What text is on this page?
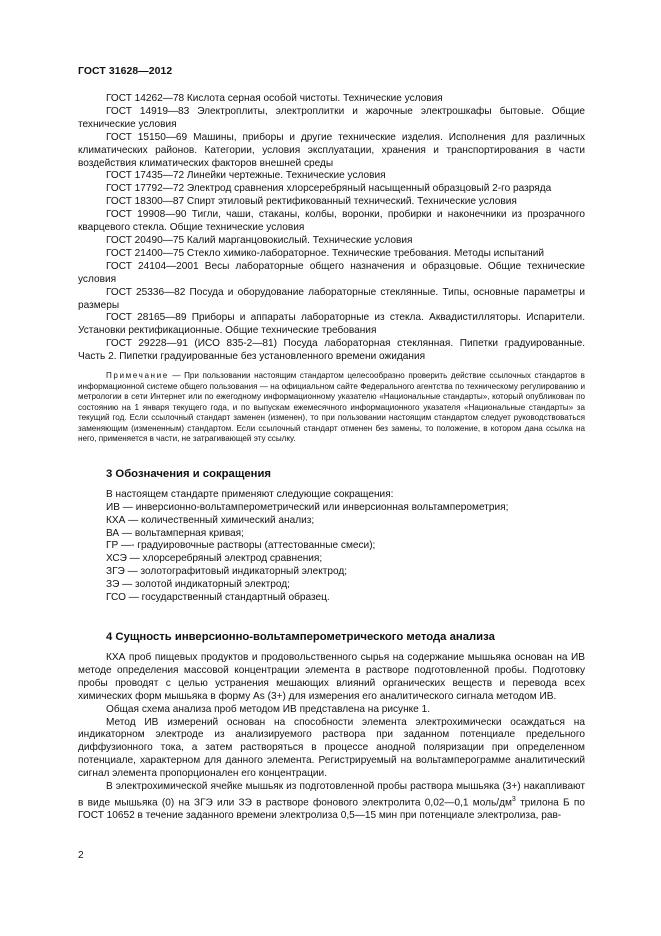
ГОСТ 31628—2012

ГОСТ 14262—78 Кислота серная особой чистоты. Технические условия

ГОСТ 14919—83 Электроплиты, электроплитки и жарочные электрошкафы бытовые. Общие технические условия

ГОСТ 15150—69 Машины, приборы и другие технические изделия. Исполнения для различных климатических районов. Категории, условия эксплуатации, хранения и транспортирования в части воздействия климатических факторов внешней среды

ГОСТ 17435—72 Линейки чертежные. Технические условия

ГОСТ 17792—72 Электрод сравнения хлорсеребряный насыщенный образцовый 2-го разряда

ГОСТ 18300—87 Спирт этиловый ректификованный технический. Технические условия

ГОСТ 19908—90 Тигли, чаши, стаканы, колбы, воронки, пробирки и наконечники из прозрачного кварцевого стекла. Общие технические условия

ГОСТ 20490—75 Калий марганцовокислый. Технические условия

ГОСТ 21400—75 Стекло химико-лабораторное. Технические требования. Методы испытаний

ГОСТ 24104—2001 Весы лабораторные общего назначения и образцовые. Общие технические условия

ГОСТ 25336—82 Посуда и оборудование лабораторные стеклянные. Типы, основные параметры и размеры

ГОСТ 28165—89 Приборы и аппараты лабораторные из стекла. Аквадистилляторы. Испарители. Установки ректификационные. Общие технические требования

ГОСТ 29228—91 (ИСО 835-2—81) Посуда лабораторная стеклянная. Пипетки градуированные. Часть 2. Пипетки градуированные без установленного времени ожидания

Примечание — При пользовании настоящим стандартом целесообразно проверить действие ссылочных стандартов в информационной системе общего пользования — на официальном сайте Федерального агентства по техническому регулированию и метрологии в сети Интернет или по ежегодному информационному указателю «Национальные стандарты», который опубликован по состоянию на 1 января текущего года, и по выпускам ежемесячного информационного указателя «Национальные стандарты» за текущий год. Если ссылочный стандарт заменен (изменен), то при пользовании настоящим стандартом следует руководствоваться заменяющим (измененным) стандартом. Если ссылочный стандарт отменен без замены, то положение, в котором дана ссылка на него, применяется в части, не затрагивающей эту ссылку.

3 Обозначения и сокращения

В настоящем стандарте применяют следующие сокращения:

ИВ — инверсионно-вольтамперометрический или инверсионная вольтамперометрия;

КХА — количественный химический анализ;

ВА — вольтамперная кривая;

ГР —- градуировочные растворы (аттестованные смеси);

ХСЭ — хлорсеребряный электрод сравнения;

ЗГЭ — золотографитовый индикаторный электрод;

ЗЭ — золотой индикаторный электрод;

ГСО — государственный стандартный образец.

4 Сущность инверсионно-вольтамперометрического метода анализа

КХА проб пищевых продуктов и продовольственного сырья на содержание мышьяка основан на ИВ методе определения массовой концентрации элемента в растворе подготовленной пробы. Подготовку пробы проводят с целью устранения мешающих влияний органических веществ и перевода всех химических форм мышьяка в форму As (3+) для измерения его аналитического сигнала методом ИВ.

Общая схема анализа проб методом ИВ представлена на рисунке 1.

Метод ИВ измерений основан на способности элемента электрохимически осаждаться на индикаторном электроде из анализируемого раствора при заданном потенциале предельного диффузионного тока, а затем растворяться в процессе анодной поляризации при определенном потенциале, характерном для данного элемента. Регистрируемый на вольтамперограмме аналитический сигнал элемента пропорционален его концентрации.

В электрохимической ячейке мышьяк из подготовленной пробы раствора мышьяка (3+) накапливают в виде мышьяка (0) на ЗГЭ или ЗЭ в растворе фонового электролита 0,02—0,1 моль/$дм^3$ трилона Б по ГОСТ 10652 в течение заданного времени электролиза 0,5—15 мин при потенциале электролиза, рав-

2
